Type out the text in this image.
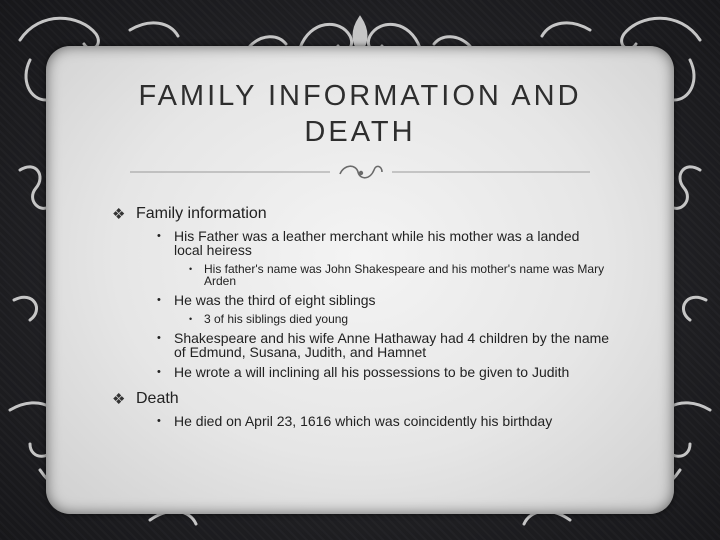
FAMILY INFORMATION AND
DEATH
❖ Family information
• His Father was a leather merchant while his mother was a landed local heiress
• His father's name was John Shakespeare and his mother's name was Mary Arden
• He was the third of eight siblings
• 3 of his siblings died young
• Shakespeare and his wife Anne Hathaway had 4 children by the name of Edmund, Susana, Judith, and Hamnet
• He wrote a will inclining all his possessions to be given to Judith
❖ Death
• He died on April 23, 1616 which was coincidently his birthday
